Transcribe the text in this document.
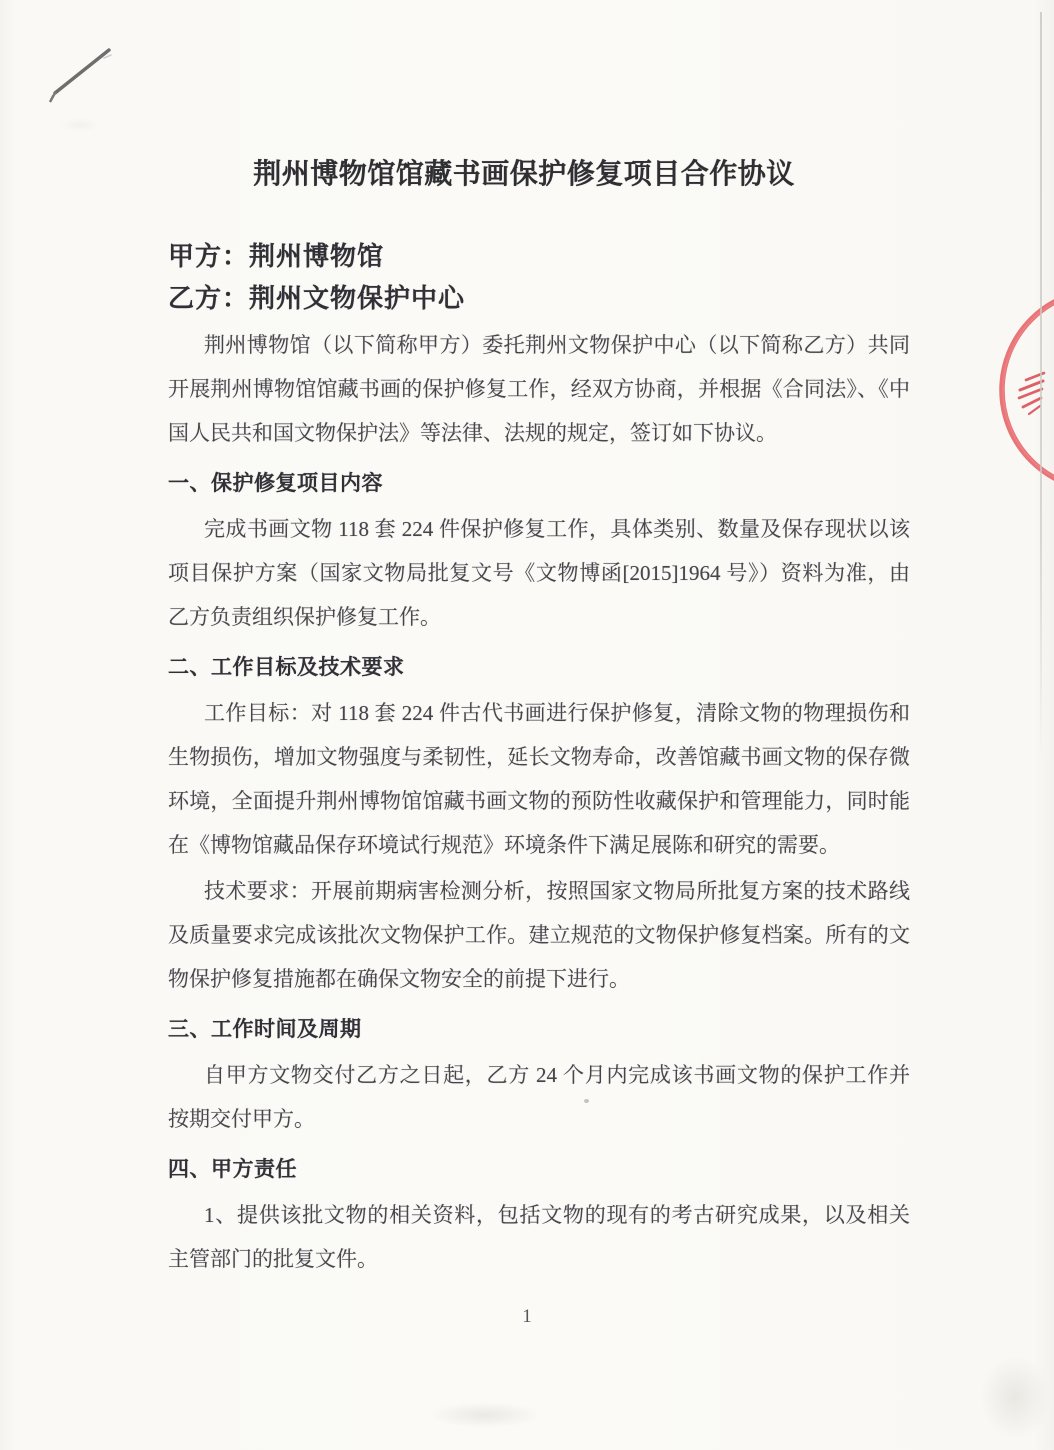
荆州博物馆馆藏书画保护修复项目合作协议
甲方：荆州博物馆
乙方：荆州文物保护中心
荆州博物馆（以下简称甲方）委托荆州文物保护中心（以下简称乙方）共同
开展荆州博物馆馆藏书画的保护修复工作，经双方协商，并根据《合同法》、《中
国人民共和国文物保护法》等法律、法规的规定，签订如下协议。
一、保护修复项目内容
完成书画文物 118 套 224 件保护修复工作，具体类别、数量及保存现状以该
项目保护方案（国家文物局批复文号《文物博函[2015]1964 号》）资料为准，由
乙方负责组织保护修复工作。
二、工作目标及技术要求
工作目标：对 118 套 224 件古代书画进行保护修复，清除文物的物理损伤和
生物损伤，增加文物强度与柔韧性，延长文物寿命，改善馆藏书画文物的保存微
环境，全面提升荆州博物馆馆藏书画文物的预防性收藏保护和管理能力，同时能
在《博物馆藏品保存环境试行规范》环境条件下满足展陈和研究的需要。
技术要求：开展前期病害检测分析，按照国家文物局所批复方案的技术路线
及质量要求完成该批次文物保护工作。建立规范的文物保护修复档案。所有的文
物保护修复措施都在确保文物安全的前提下进行。
三、工作时间及周期
自甲方文物交付乙方之日起，乙方 24 个月内完成该书画文物的保护工作并
按期交付甲方。
四、甲方责任
1、提供该批文物的相关资料，包括文物的现有的考古研究成果，以及相关
主管部门的批复文件。
1
